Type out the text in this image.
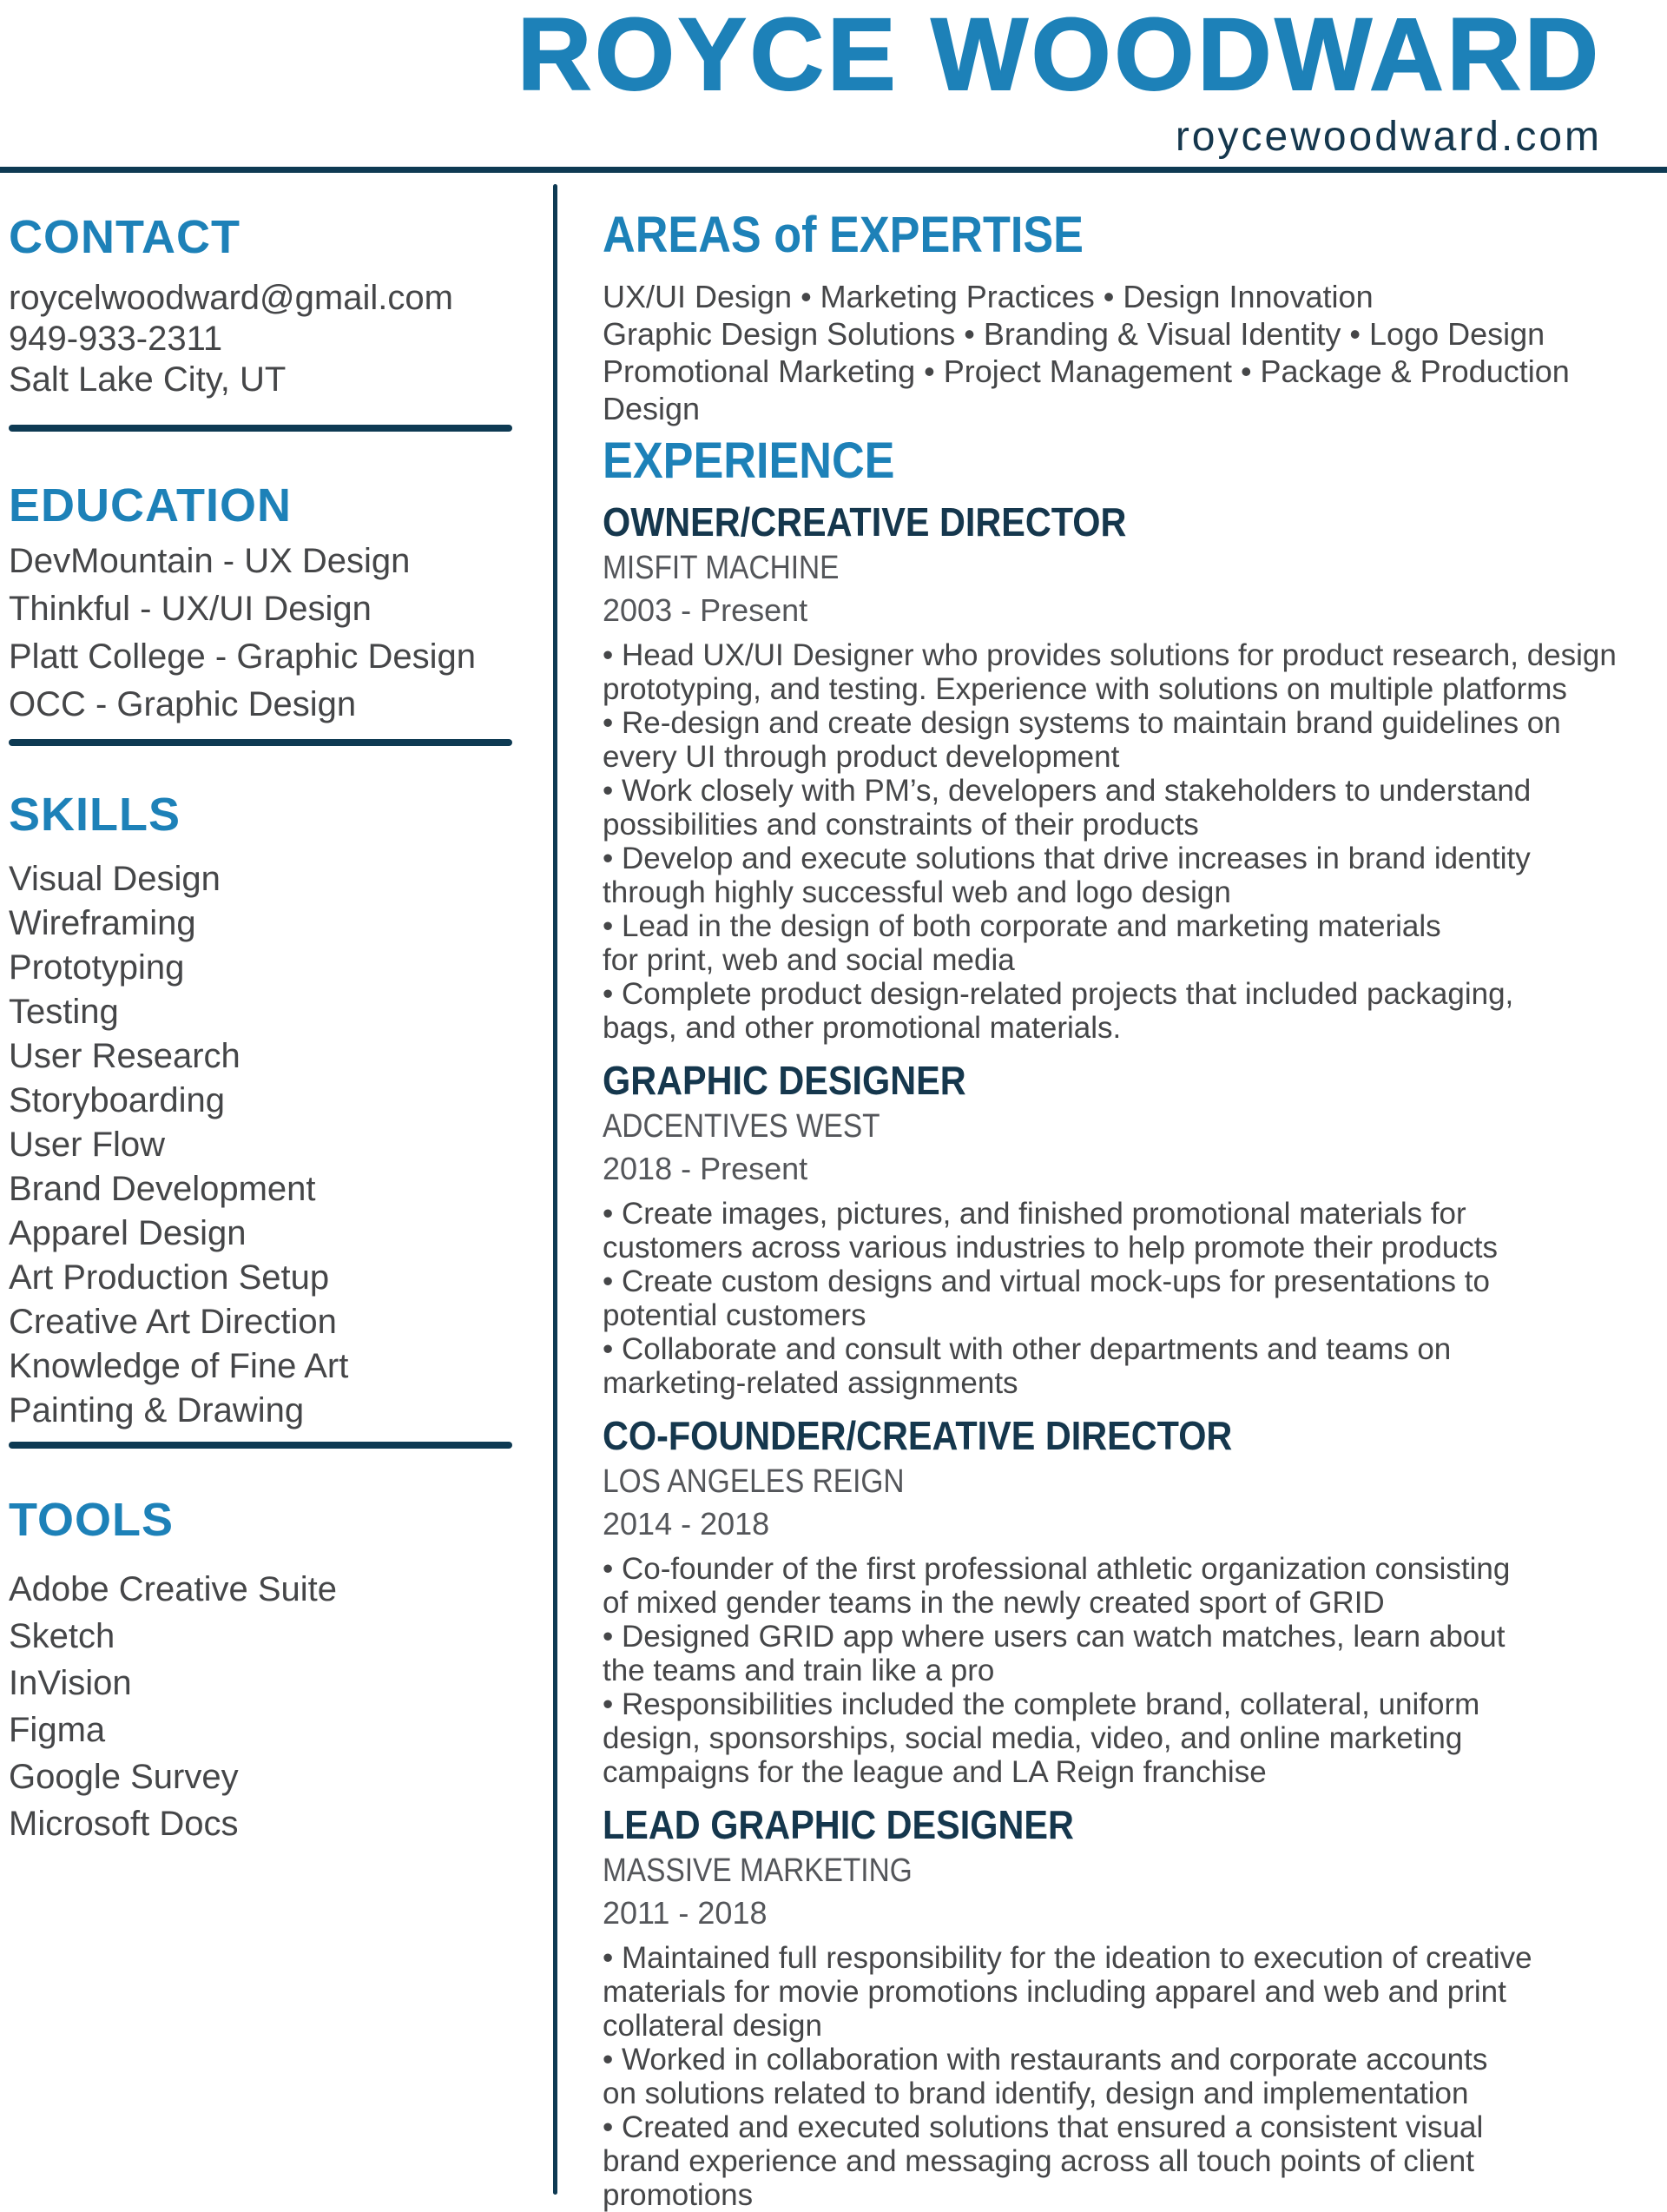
ROYCE WOODWARD
roycewoodward.com
CONTACT
roycelwoodward@gmail.com
949-933-2311
Salt Lake City, UT
EDUCATION
DevMountain - UX Design
Thinkful - UX/UI Design
Platt College - Graphic Design
OCC - Graphic Design
SKILLS
Visual Design
Wireframing
Prototyping
Testing
User Research
Storyboarding
User Flow
Brand Development
Apparel Design
Art Production Setup
Creative Art Direction
Knowledge of Fine Art
Painting & Drawing
TOOLS
Adobe Creative Suite
Sketch
InVision
Figma
Google Survey
Microsoft Docs
AREAS of EXPERTISE
UX/UI Design • Marketing Practices • Design Innovation
Graphic Design Solutions • Branding & Visual Identity • Logo Design
Promotional Marketing • Project Management • Package & Production
Design
EXPERIENCE
OWNER/CREATIVE DIRECTOR
MISFIT MACHINE
2003 - Present
• Head UX/UI Designer who provides solutions for product research, design
prototyping, and testing. Experience with solutions on multiple platforms
• Re-design and create design systems to maintain brand guidelines on
every UI through product development
• Work closely with PM’s, developers and stakeholders to understand
possibilities and constraints of their products
• Develop and execute solutions that drive increases in brand identity
through highly successful web and logo design
• Lead in the design of both corporate and marketing materials
for print, web and social media
• Complete product design-related projects that included packaging,
bags, and other promotional materials.
GRAPHIC DESIGNER
ADCENTIVES WEST
2018 - Present
• Create images, pictures, and finished promotional materials for
customers across various industries to help promote their products
• Create custom designs and virtual mock-ups for presentations to
potential customers
• Collaborate and consult with other departments and teams on
marketing-related assignments
CO-FOUNDER/CREATIVE DIRECTOR
LOS ANGELES REIGN
2014 - 2018
• Co-founder of the first professional athletic organization consisting
of mixed gender teams in the newly created sport of GRID
• Designed GRID app where users can watch matches, learn about
the teams and train like a pro
• Responsibilities included the complete brand, collateral, uniform
design, sponsorships, social media, video, and online marketing
campaigns for the league and LA Reign franchise
LEAD GRAPHIC DESIGNER
MASSIVE MARKETING
2011 - 2018
• Maintained full responsibility for the ideation to execution of creative
materials for movie promotions including apparel and web and print
collateral design
• Worked in collaboration with restaurants and corporate accounts
on solutions related to brand identify, design and implementation
• Created and executed solutions that ensured a consistent visual
brand experience and messaging across all touch points of client
promotions
